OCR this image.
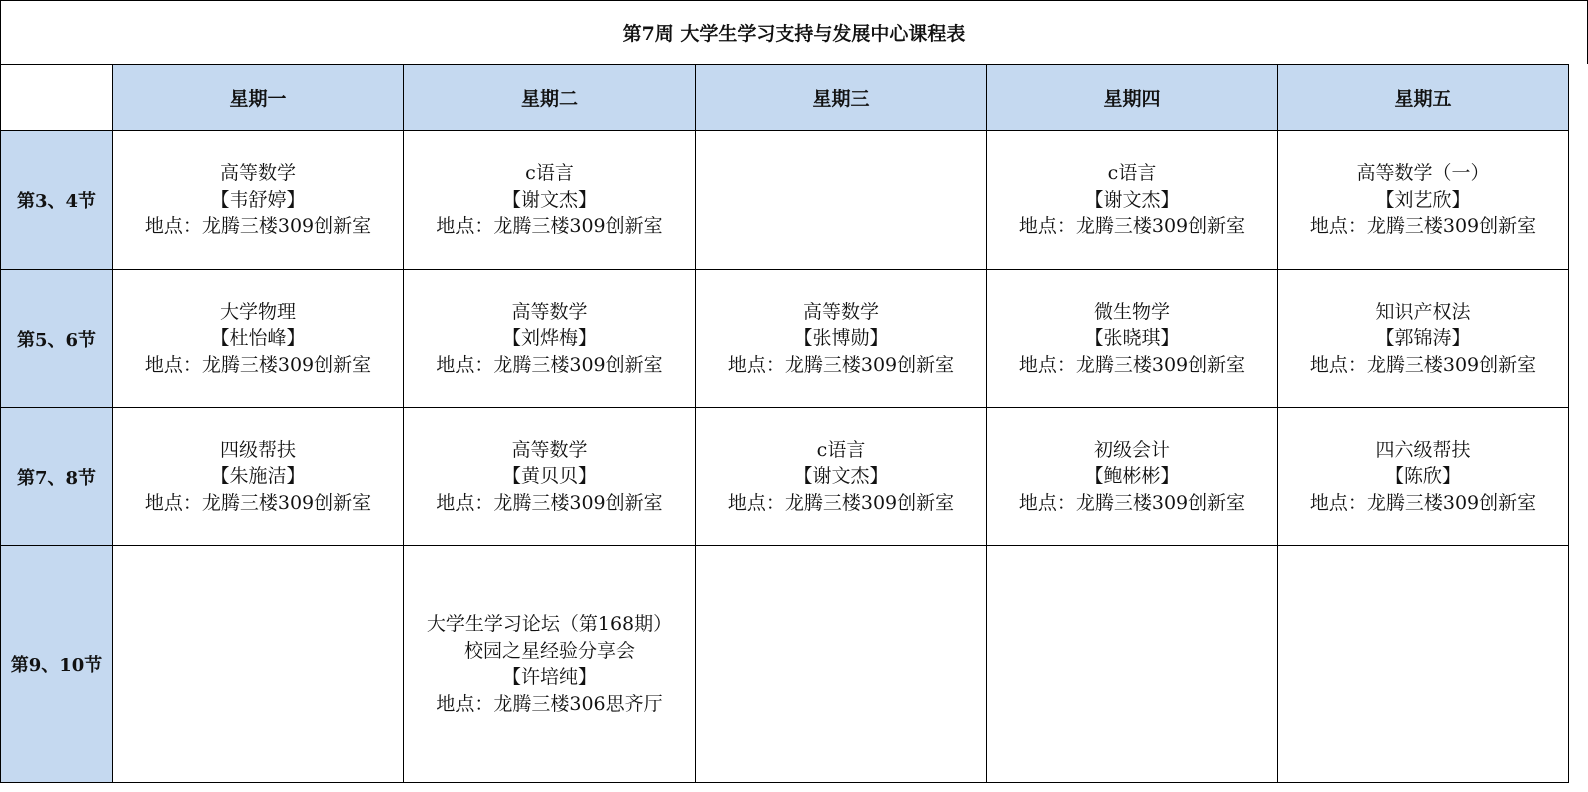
第7周 大学生学习支持与发展中心课程表
	星期一	星期二	星期三	星期四	星期五
第3、4节	高等数学
【韦舒婷】
地点：龙腾三楼309创新室	c语言
【谢文杰】
地点：龙腾三楼309创新室		c语言
【谢文杰】
地点：龙腾三楼309创新室	高等数学（一）
【刘艺欣】
地点：龙腾三楼309创新室

第5、6节	大学物理
【杜怡峰】
地点：龙腾三楼309创新室	高等数学
【刘烨梅】
地点：龙腾三楼309创新室	高等数学
【张博勋】
地点：龙腾三楼309创新室	微生物学
【张晓琪】
地点：龙腾三楼309创新室	知识产权法
【郭锦涛】
地点：龙腾三楼309创新室

第7、8节	四级帮扶
【朱施洁】
地点：龙腾三楼309创新室	高等数学
【黄贝贝】
地点：龙腾三楼309创新室	c语言
【谢文杰】
地点：龙腾三楼309创新室	初级会计
【鲍彬彬】
地点：龙腾三楼309创新室	四六级帮扶
【陈欣】
地点：龙腾三楼309创新室

第9、10节		大学生学习论坛（第168期）
校园之星经验分享会
【许培纯】
地点：龙腾三楼306思齐厅			
